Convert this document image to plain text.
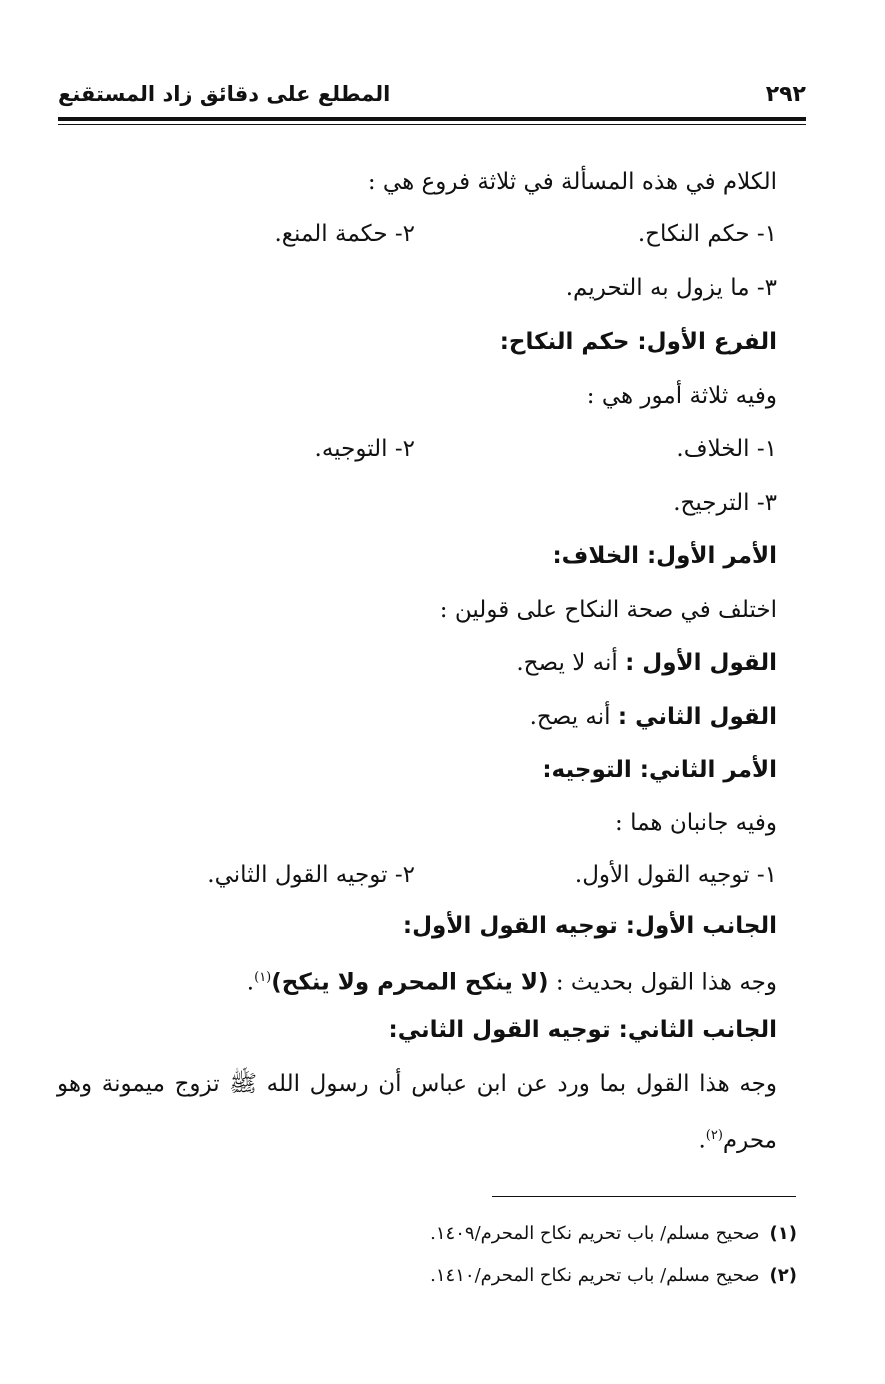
٢٩٢
المطلع على دقائق زاد المستقنع
الكلام في هذه المسألة في ثلاثة فروع هي :
١- حكم النكاح.
٢- حكمة المنع.
٣- ما يزول به التحريم.
الفرع الأول: حكم النكاح:
وفيه ثلاثة أمور هي :
١- الخلاف.
٢- التوجيه.
٣- الترجيح.
الأمر الأول: الخلاف:
اختلف في صحة النكاح على قولين :
القول الأول : أنه لا يصح.
القول الثاني : أنه يصح.
الأمر الثاني: التوجيه:
وفيه جانبان هما :
١- توجيه القول الأول.
٢- توجيه القول الثاني.
الجانب الأول: توجيه القول الأول:
وجه هذا القول بحديث : (لا ينكح المحرم ولا ينكح)$^{(١)}$.
الجانب الثاني: توجيه القول الثاني:
وجه هذا القول بما ورد عن ابن عباس أن رسول الله ﷺ تزوج ميمونة وهو محرم$^{(٢)}$.
(١)صحيح مسلم/ باب تحريم نكاح المحرم/١٤٠٩.
(٢)صحيح مسلم/ باب تحريم نكاح المحرم/١٤١٠.
